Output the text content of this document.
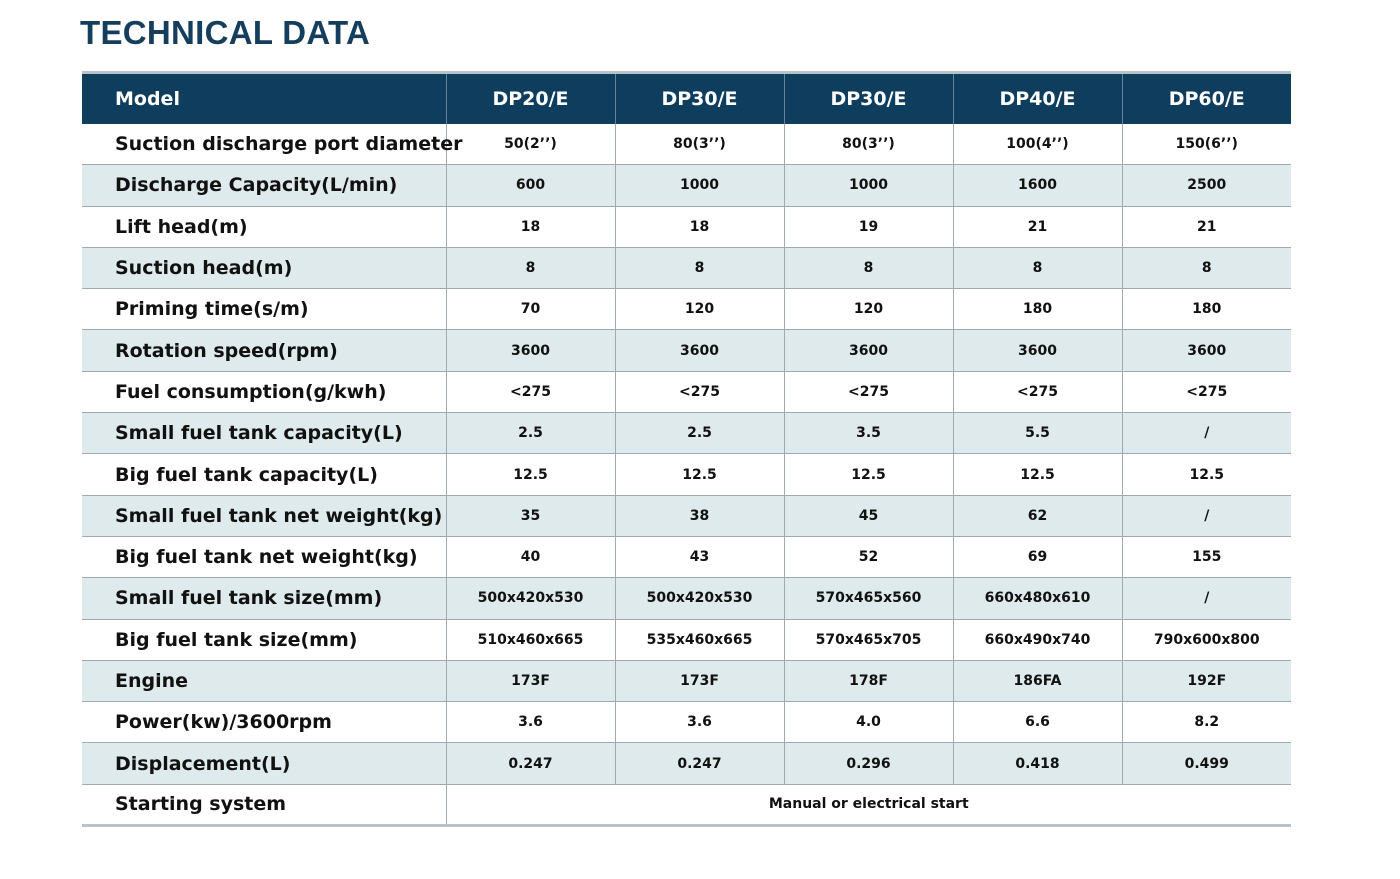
TECHNICAL DATA
Model	DP20/E	DP30/E	DP30/E	DP40/E	DP60/E
Suction discharge port diameter	50(2’’)	80(3’’)	80(3’’)	100(4’’)	150(6’’)
Discharge Capacity(L/min)	600	1000	1000	1600	2500
Lift head(m)	18	18	19	21	21
Suction head(m)	8	8	8	8	8
Priming time(s/m)	70	120	120	180	180
Rotation speed(rpm)	3600	3600	3600	3600	3600
Fuel consumption(g/kwh)	<275	<275	<275	<275	<275
Small fuel tank capacity(L)	2.5	2.5	3.5	5.5	/
Big fuel tank capacity(L)	12.5	12.5	12.5	12.5	12.5
Small fuel tank net weight(kg)	35	38	45	62	/
Big fuel tank net weight(kg)	40	43	52	69	155
Small fuel tank size(mm)	500x420x530	500x420x530	570x465x560	660x480x610	/
Big fuel tank size(mm)	510x460x665	535x460x665	570x465x705	660x490x740	790x600x800
Engine	173F	173F	178F	186FA	192F
Power(kw)/3600rpm	3.6	3.6	4.0	6.6	8.2
Displacement(L)	0.247	0.247	0.296	0.418	0.499
Starting system	Manual or electrical start				
